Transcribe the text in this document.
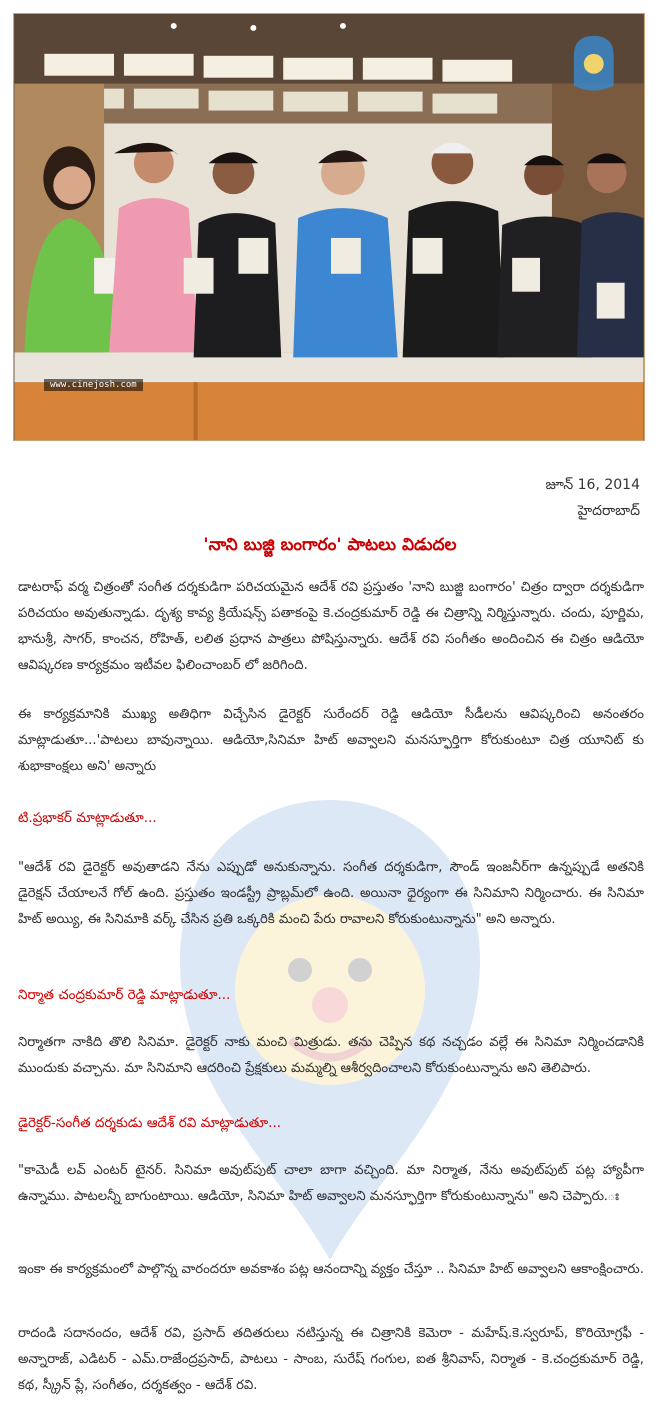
www.cinejosh.com
జూన్ 16, 2014
హైదరాబాద్
'నాని బుజ్జి బంగారం' పాటలు విడుదల

డాటరాఫ్ వర్మ చిత్రంతో సంగీత దర్శకుడిగా పరిచయమైన ఆదేశ్ రవి ప్రస్తుతం 'నాని బుజ్జి బంగారం' చిత్రం ద్వారా దర్శకుడిగా పరిచయం అవుతున్నాడు. దృశ్య కావ్య క్రియేషన్స్ పతాకంపై కె.చంద్రకుమార్ రెడ్డి ఈ చిత్రాన్ని నిర్మిస్తున్నారు. చందు, పూర్ణిమ, భానుశ్రీ, సాగర్, కాంచన, రోహిత్, లలిత ప్రధాన పాత్రలు పోషిస్తున్నారు. ఆదేశ్ రవి సంగీతం అందించిన ఈ చిత్రం ఆడియో ఆవిష్కరణ కార్యక్రమం ఇటీవల ఫిలించాంబర్ లో జరిగింది.

ఈ కార్యక్రమానికి ముఖ్య అతిధిగా విచ్చేసిన డైరెక్టర్ సురేందర్ రెడ్డి ఆడియో సీడీలను ఆవిష్కరించి అనంతరం మాట్లాడుతూ...'పాటలు బావున్నాయి. ఆడియో,సినిమా హిట్ అవ్వాలని మనస్ఫూర్తిగా కోరుకుంటూ చిత్ర యూనిట్ కు శుభాకాంక్షలు అని' అన్నారు

టి.ప్రభాకర్ మాట్లాడుతూ...

"ఆదేశ్ రవి డైరెక్టర్ అవుతాడని నేను ఎప్పుడో అనుకున్నాను. సంగీత దర్శకుడిగా, సౌండ్ ఇంజనీర్‌గా ఉన్నప్పుడే అతనికి డైరెక్షన్ చేయాలనే గోల్ ఉంది. ప్రస్తుతం ఇండస్ట్రీ ప్రాబ్లమ్‌లో ఉంది. అయినా ధైర్యంగా ఈ సినిమాని నిర్మించారు. ఈ సినిమా హిట్ అయ్యి, ఈ సినిమాకి వర్క్ చేసిన ప్రతి ఒక్కరికి మంచి పేరు రావాలని కోరుకుంటున్నాను" అని అన్నారు.

నిర్మాత చంద్రకుమార్ రెడ్డి మాట్లాడుతూ...

నిర్మాతగా నాకిది తొలి సినిమా. డైరెక్టర్ నాకు మంచి మిత్రుడు. తను చెప్పిన కథ నచ్చడం వల్లే ఈ సినిమా నిర్మించడానికి ముందుకు వచ్చాను. మా సినిమాని ఆదరించి ప్రేక్షకులు మమ్మల్ని ఆశీర్వదించాలని కోరుకుంటున్నాను అని తెలిపారు.

డైరెక్టర్-సంగీత దర్శకుడు ఆదేశ్ రవి మాట్లాడుతూ...

"కామెడీ లవ్ ఎంటర్ టైనర్. సినిమా అవుట్‌పుట్ చాలా బాగా వచ్చింది. మా నిర్మాత, నేను అవుట్‌పుట్ పట్ల హ్యాపీగా ఉన్నాము. పాటలన్నీ బాగుంటాయి. ఆడియో, సినిమా హిట్ అవ్వాలని మనస్ఫూర్తిగా కోరుకుంటున్నాను" అని చెప్పారు.ః

ఇంకా ఈ కార్యక్రమంలో పాల్గొన్న వారందరూ అవకాశం పట్ల ఆనందాన్ని వ్యక్తం చేస్తూ .. సినిమా హిట్ అవ్వాలని ఆకాంక్షించారు.

రాదండి సదానందం, ఆదేశ్ రవి, ప్రసాద్ తదితరులు నటిస్తున్న ఈ చిత్రానికి కెమెరా - మహేష్.కె.స్వరూప్, కొరియోగ్రఫీ - అన్నారాజ్, ఎడిటర్ - ఎమ్.రాజేంద్రప్రసాద్, పాటలు - సాంబ, సురేష్ గంగుల, ఐత శ్రీనివాస్, నిర్మాత - కె.చంద్రకుమార్ రెడ్డి, కథ, స్క్రీన్ ప్లే, సంగీతం, దర్శకత్వం - ఆదేశ్ రవి.
